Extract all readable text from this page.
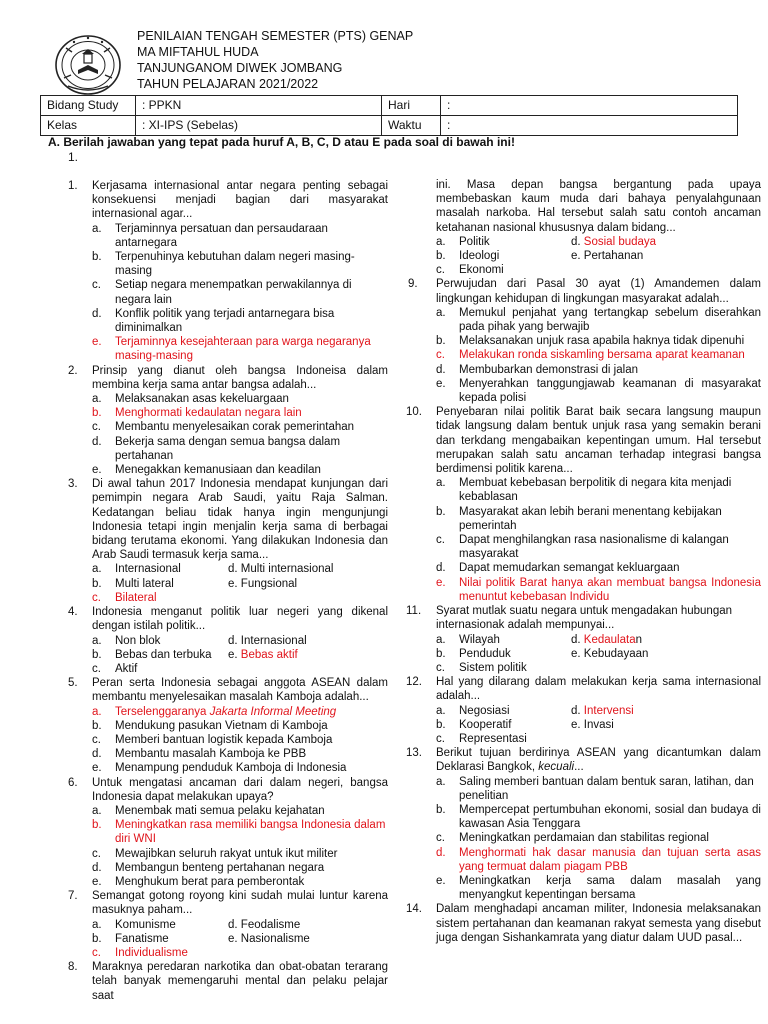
PENILAIAN TENGAH SEMESTER (PTS) GENAP
MA MIFTAHUL HUDA
TANJUNGANOM DIWEK JOMBANG
TAHUN PELAJARAN 2021/2022
Bidang Study	: PPKN	Hari	:
Kelas	: XI-IPS (Sebelas)	Waktu	:
A. Berilah jawaban yang tepat pada huruf A, B, C, D atau E pada soal di bawah ini!
1.
1. Kerjasama internasional antar negara penting sebagai konsekuensi menjadi bagian dari masyarakat internasional agar...
a. Terjaminnya persatuan dan persaudaraan antarnegara
b. Terpenuhinya kebutuhan dalam negeri masing-masing
c. Setiap negara menempatkan perwakilannya di negara lain
d. Konflik politik yang terjadi antarnegara bisa diminimalkan
e. Terjaminnya kesejahteraan para warga negaranya masing-masing
2. Prinsip yang dianut oleh bangsa Indoneisa dalam membina kerja sama antar bangsa adalah...
a. Melaksanakan asas kekeluargaan
b. Menghormati kedaulatan negara lain
c. Membantu menyelesaikan corak pemerintahan
d. Bekerja sama dengan semua bangsa dalam pertahanan
e. Menegakkan kemanusiaan dan keadilan
3. Di awal tahun 2017 Indonesia mendapat kunjungan dari pemimpin negara Arab Saudi, yaitu Raja Salman. Kedatangan beliau tidak hanya ingin mengunjungi Indonesia tetapi ingin menjalin kerja sama di berbagai bidang terutama ekonomi. Yang dilakukan Indonesia dan Arab Saudi termasuk kerja sama...
a. Internasional	d. Multi internasional
b. Multi lateral	e. Fungsional
c. Bilateral
4. Indonesia menganut politik luar negeri yang dikenal dengan istilah politik...
a. Non blok	d. Internasional
b. Bebas dan terbuka e. Bebas aktif
c. Aktif
5. Peran serta Indonesia sebagai anggota ASEAN dalam membantu menyelesaikan masalah Kamboja adalah...
a. Terselenggaranya Jakarta Informal Meeting
b. Mendukung pasukan Vietnam di Kamboja
c. Memberi bantuan logistik kepada Kamboja
d. Membantu masalah Kamboja ke PBB
e. Menampung penduduk Kamboja di Indonesia
6. Untuk mengatasi ancaman dari dalam negeri, bangsa Indonesia dapat melakukan upaya?
a. Menembak mati semua pelaku kejahatan
b. Meningkatkan rasa memiliki bangsa Indonesia dalam diri WNI
c. Mewajibkan seluruh rakyat untuk ikut militer
d. Membangun benteng pertahanan negara
e. Menghukum berat para pemberontak
7. Semangat gotong royong kini sudah mulai luntur karena masuknya paham...
a. Komunisme	d. Feodalisme
b. Fanatisme	e. Nasionalisme
c. Individualisme
8. Maraknya peredaran narkotika dan obat-obatan terarang telah banyak memengaruhi mental dan pelaku pelajar saat
ini. Masa depan bangsa bergantung pada upaya membebaskan kaum muda dari bahaya penyalahgunaan masalah narkoba. Hal tersebut salah satu contoh ancaman ketahanan nasional khususnya dalam bidang...
a. Politik	d. Sosial budaya
b. Ideologi	e. Pertahanan
c. Ekonomi
9. Perwujudan dari Pasal 30 ayat (1) Amandemen dalam lingkungan kehidupan di lingkungan masyarakat adalah...
a. Memukul penjahat yang tertangkap sebelum diserahkan pada pihak yang berwajib
b. Melaksanakan unjuk rasa apabila haknya tidak dipenuhi
c. Melakukan ronda siskamling bersama aparat keamanan
d. Membubarkan demonstrasi di jalan
e. Menyerahkan tanggungjawab keamanan di masyarakat kepada polisi
10. Penyebaran nilai politik Barat baik secara langsung maupun tidak langsung dalam bentuk unjuk rasa yang semakin berani dan terkdang mengabaikan kepentingan umum. Hal tersebut merupakan salah satu ancaman terhadap integrasi bangsa berdimensi politik karena...
a. Membuat kebebasan berpolitik di negara kita menjadi kebablasan
b. Masyarakat akan lebih berani menentang kebijakan pemerintah
c. Dapat menghilangkan rasa nasionalisme di kalangan masyarakat
d. Dapat memudarkan semangat kekluargaan
e. Nilai politik Barat hanya akan membuat bangsa Indonesia menuntut kebebasan Individu
11. Syarat mutlak suatu negara untuk mengadakan hubungan internasionak adalah mempunyai...
a. Wilayah	d. Kedaulatan
b. Penduduk	e. Kebudayaan
c. Sistem politik
12. Hal yang dilarang dalam melakukan kerja sama internasional adalah...
a. Negosiasi	d. Intervensi
b. Kooperatif	e. Invasi
c. Representasi
13. Berikut tujuan berdirinya ASEAN yang dicantumkan dalam Deklarasi Bangkok, kecuali...
a. Saling memberi bantuan dalam bentuk saran, latihan, dan penelitian
b. Mempercepat pertumbuhan ekonomi, sosial dan budaya di kawasan Asia Tenggara
c. Meningkatkan perdamaian dan stabilitas regional
d. Menghormati hak dasar manusia dan tujuan serta asas yang termuat dalam piagam PBB
e. Meningkatkan kerja sama dalam masalah yang menyangkut kepentingan bersama
14. Dalam menghadapi ancaman militer, Indonesia melaksanakan sistem pertahanan dan keamanan rakyat semesta yang disebut juga dengan Sishankamrata yang diatur dalam UUD pasal...
